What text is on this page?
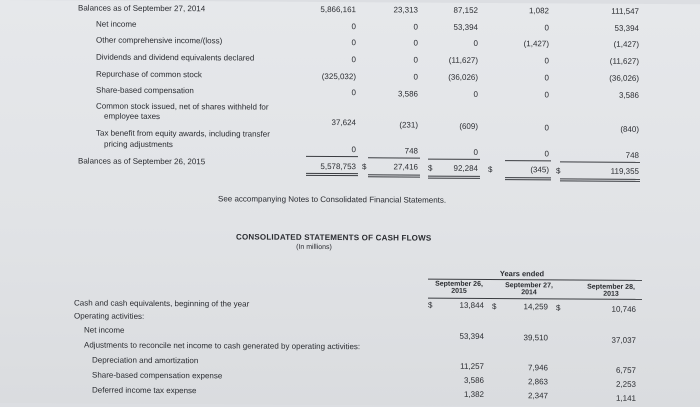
Balances as of September 27, 2014	5,866,161	23,313	87,152	1,082	111,547
Net income	0	0	53,394	0	53,394
Other comprehensive income/(loss)	0	0	0	(1,427)	(1,427)
Dividends and dividend equivalents declared	0	0	(11,627)	0	(11,627)
Repurchase of common stock	(325,032)	0	(36,026)	0	(36,026)
Share-based compensation	0	3,586	0	0	3,586
Common stock issued, net of shares withheld for
employee taxes
37,624	(231)	(609)	0	(840)
Tax benefit from equity awards, including transfer
pricing adjustments
0	748	0	0	748
Balances as of September 26, 2015
5,578,753 $	27,416 $	92,284 $	(345) $	119,355
See accompanying Notes to Consolidated Financial Statements.
CONSOLIDATED STATEMENTS OF CASH FLOWS
(In millions)
Years ended
September 26,
2015
September 27,
2014
September 28,
2013
Cash and cash equivalents, beginning of the year	$	13,844 $	14,259 $	10,746
Operating activities:
Net income
53,394	39,510	37,037
Adjustments to reconcile net income to cash generated by operating activities:
Depreciation and amortization
11,257	7,946	6,757
Share-based compensation expense
3,586	2,863	2,253
Deferred income tax expense	1,382	2,347	1,141
